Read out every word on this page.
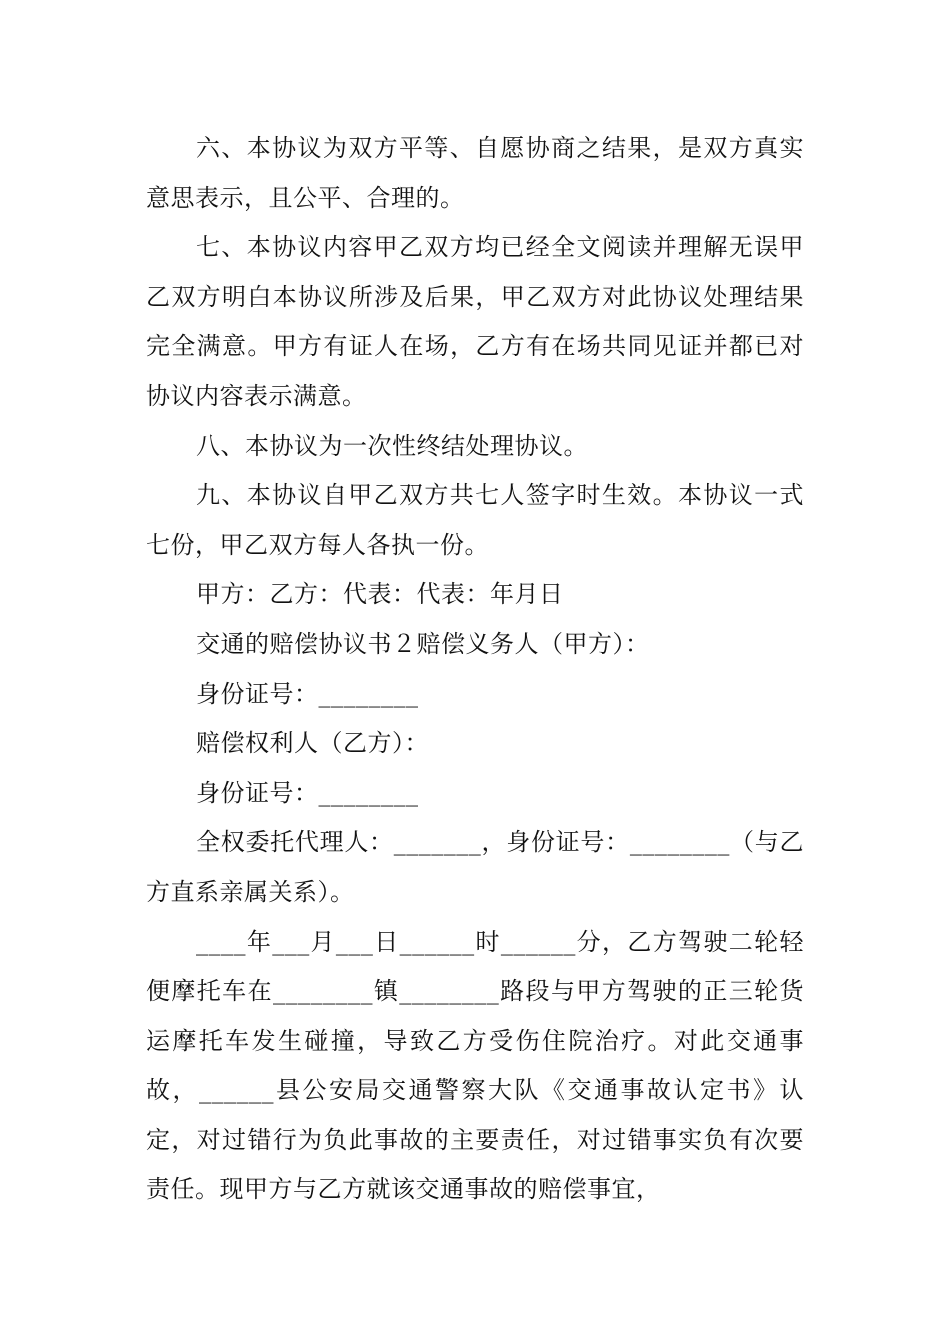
六、本协议为双方平等、自愿协商之结果，是双方真实意思表示，且公平、合理的。

七、本协议内容甲乙双方均已经全文阅读并理解无误甲乙双方明白本协议所涉及后果，甲乙双方对此协议处理结果完全满意。甲方有证人在场，乙方有在场共同见证并都已对协议内容表示满意。

八、本协议为一次性终结处理协议。

九、本协议自甲乙双方共七人签字时生效。本协议一式七份，甲乙双方每人各执一份。

甲方：乙方：代表：代表：年月日

交通的赔偿协议书２赔偿义务人（甲方）：

身份证号：________

赔偿权利人（乙方）：

身份证号：________

全权委托代理人：_______，身份证号：________（与乙方直系亲属关系）。

____年___月___日______时______分，乙方驾驶二轮轻便摩托车在________镇________路段与甲方驾驶的正三轮货运摩托车发生碰撞，导致乙方受伤住院治疗。对此交通事故，______县公安局交通警察大队《交通事故认定书》认定，对过错行为负此事故的主要责任，对过错事实负有次要责任。现甲方与乙方就该交通事故的赔偿事宜，
